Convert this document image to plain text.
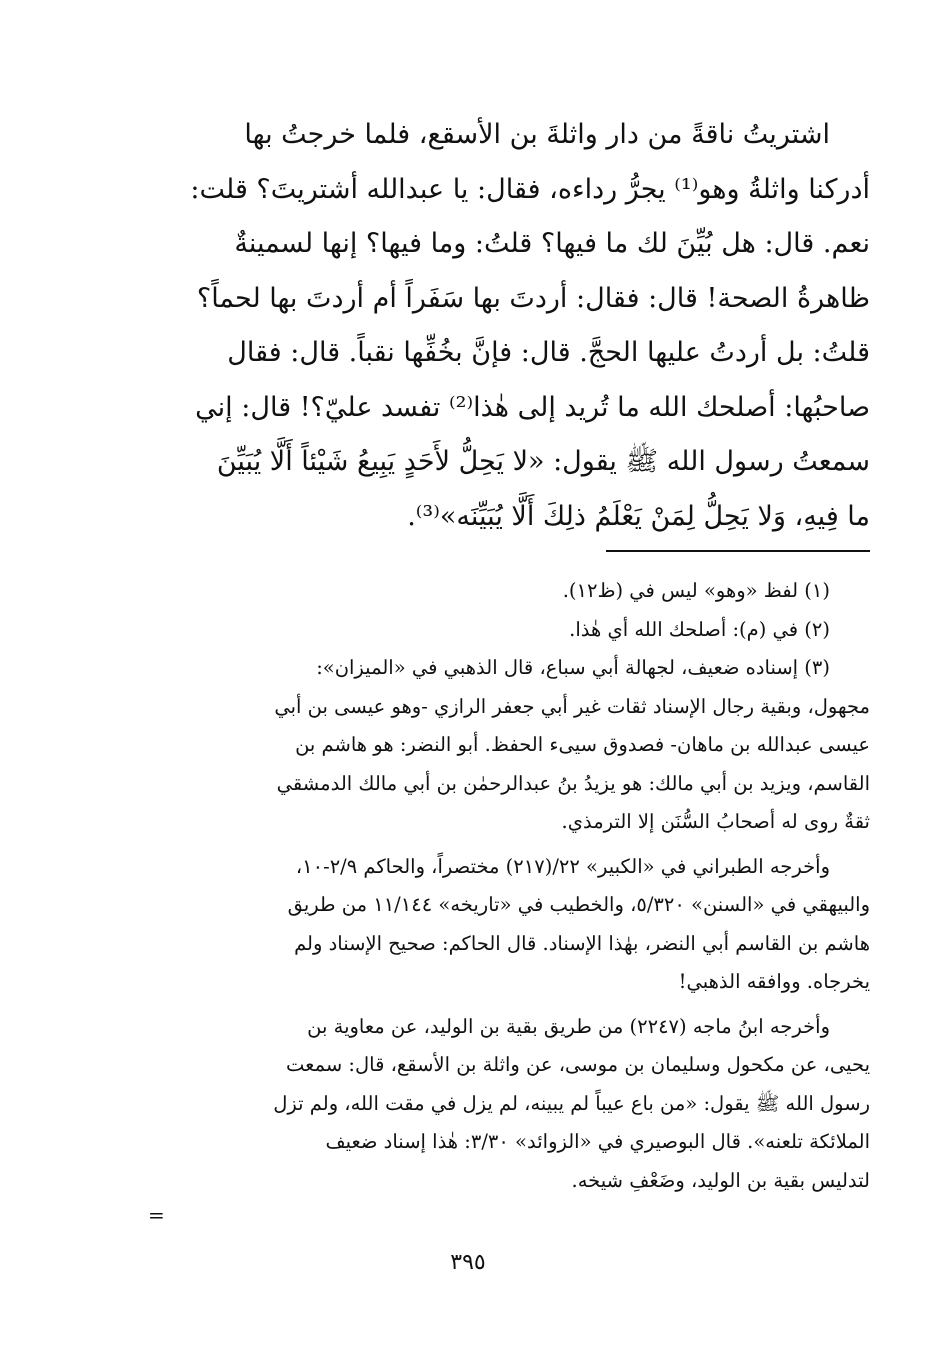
اشتريتُ ناقةً من دار واثلةَ بن الأسقع، فلما خرجتُ بها
أدركنا واثلةُ وهو⁽¹⁾ يجرُّ رداءه، فقال: يا عبدالله أشتريتَ؟ قلت:
نعم. قال: هل بُيِّنَ لك ما فيها؟ قلتُ: وما فيها؟ إنها لسمينةٌ
ظاهرةُ الصحة! قال: فقال: أردتَ بها سَفَراً أم أردتَ بها لحماً؟
قلتُ: بل أردتُ عليها الحجَّ. قال: فإنَّ بخُفِّها نقباً. قال: فقال
صاحبُها: أصلحك الله ما تُريد إلى هٰذا⁽²⁾ تفسد عليّ؟! قال: إني
سمعتُ رسول الله ﷺ يقول: «لا يَحِلُّ لأَحَدٍ يَبِيعُ شَيْئاً أَلَّا يُبَيِّنَ
ما فِيهِ، وَلا يَحِلُّ لِمَنْ يَعْلَمُ ذلِكَ أَلَّا يُبَيِّنَه»⁽³⁾.
(١) لفظ «وهو» ليس في (ظ١٢).
(٢) في (م): أصلحك الله أي هٰذا.
(٣) إسناده ضعيف، لجهالة أبي سباع، قال الذهبي في «الميزان»:
مجهول، وبقية رجال الإسناد ثقات غير أبي جعفر الرازي -وهو عيسى بن أبي
عيسى عبدالله بن ماهان- فصدوق سيىء الحفظ. أبو النضر: هو هاشم بن
القاسم، ويزيد بن أبي مالك: هو يزيدُ بنُ عبدالرحمٰن بن أبي مالك الدمشقي
ثقةٌ روى له أصحابُ السُّنَن إلا الترمذي.
وأخرجه الطبراني في «الكبير» ٢٢/(٢١٧) مختصراً، والحاكم ٢/٩-١٠،
والبيهقي في «السنن» ٥/٣٢٠، والخطيب في «تاريخه» ١١/١٤٤ من طريق
هاشم بن القاسم أبي النضر، بهٰذا الإسناد. قال الحاكم: صحيح الإسناد ولم
يخرجاه. ووافقه الذهبي!
وأخرجه ابنُ ماجه (٢٢٤٧) من طريق بقية بن الوليد، عن معاوية بن
يحيى، عن مكحول وسليمان بن موسى، عن واثلة بن الأسقع، قال: سمعت
رسول الله ﷺ يقول: «من باع عيباً لم يبينه، لم يزل في مقت الله، ولم تزل
الملائكة تلعنه». قال البوصيري في «الزوائد» ٣/٣٠: هٰذا إسناد ضعيف
لتدليس بقية بن الوليد، وضَعْفِ شيخه.
=
٣٩٥
